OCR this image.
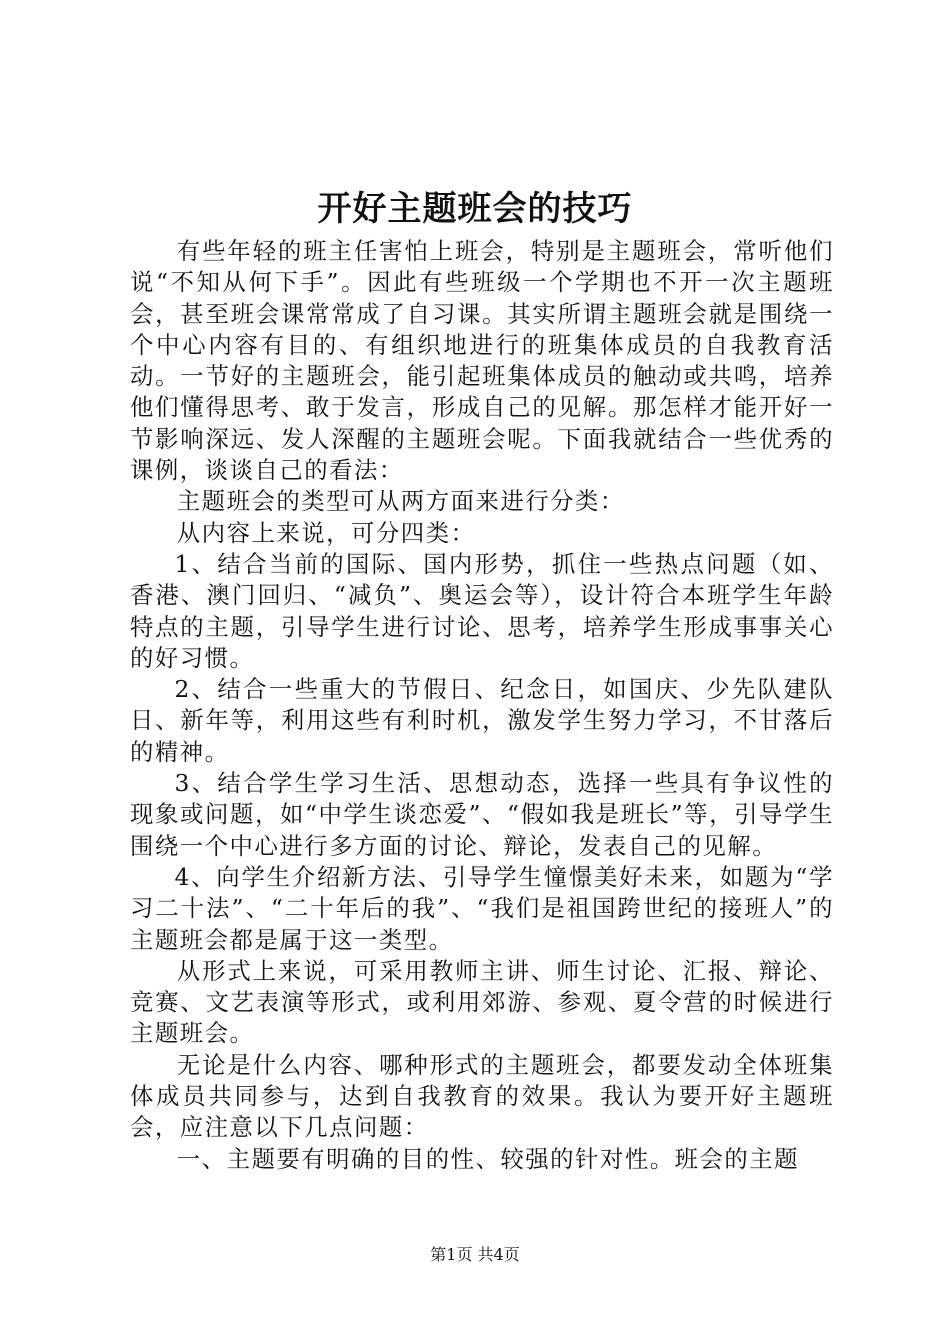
开好主题班会的技巧

有些年轻的班主任害怕上班会，特别是主题班会，常听他们说“不知从何下手”。因此有些班级一个学期也不开一次主题班会，甚至班会课常常成了自习课。其实所谓主题班会就是围绕一个中心内容有目的、有组织地进行的班集体成员的自我教育活动。一节好的主题班会，能引起班集体成员的触动或共鸣，培养他们懂得思考、敢于发言，形成自己的见解。那怎样才能开好一节影响深远、发人深醒的主题班会呢。下面我就结合一些优秀的课例，谈谈自己的看法：

主题班会的类型可从两方面来进行分类：

从内容上来说，可分四类：

1、结合当前的国际、国内形势，抓住一些热点问题（如、香港、澳门回归、“减负”、奥运会等），设计符合本班学生年龄特点的主题，引导学生进行讨论、思考，培养学生形成事事关心的好习惯。

2、结合一些重大的节假日、纪念日，如国庆、少先队建队日、新年等，利用这些有利时机，激发学生努力学习，不甘落后的精神。

3、结合学生学习生活、思想动态，选择一些具有争议性的现象或问题，如“中学生谈恋爱”、“假如我是班长”等，引导学生围绕一个中心进行多方面的讨论、辩论，发表自己的见解。

4、向学生介绍新方法、引导学生憧憬美好未来，如题为“学习二十法”、“二十年后的我”、“我们是祖国跨世纪的接班人”的主题班会都是属于这一类型。

从形式上来说，可采用教师主讲、师生讨论、汇报、辩论、竞赛、文艺表演等形式，或利用郊游、参观、夏令营的时候进行主题班会。

无论是什么内容、哪种形式的主题班会，都要发动全体班集体成员共同参与，达到自我教育的效果。我认为要开好主题班会，应注意以下几点问题：

一、主题要有明确的目的性、较强的针对性。班会的主题

第1页 共4页
